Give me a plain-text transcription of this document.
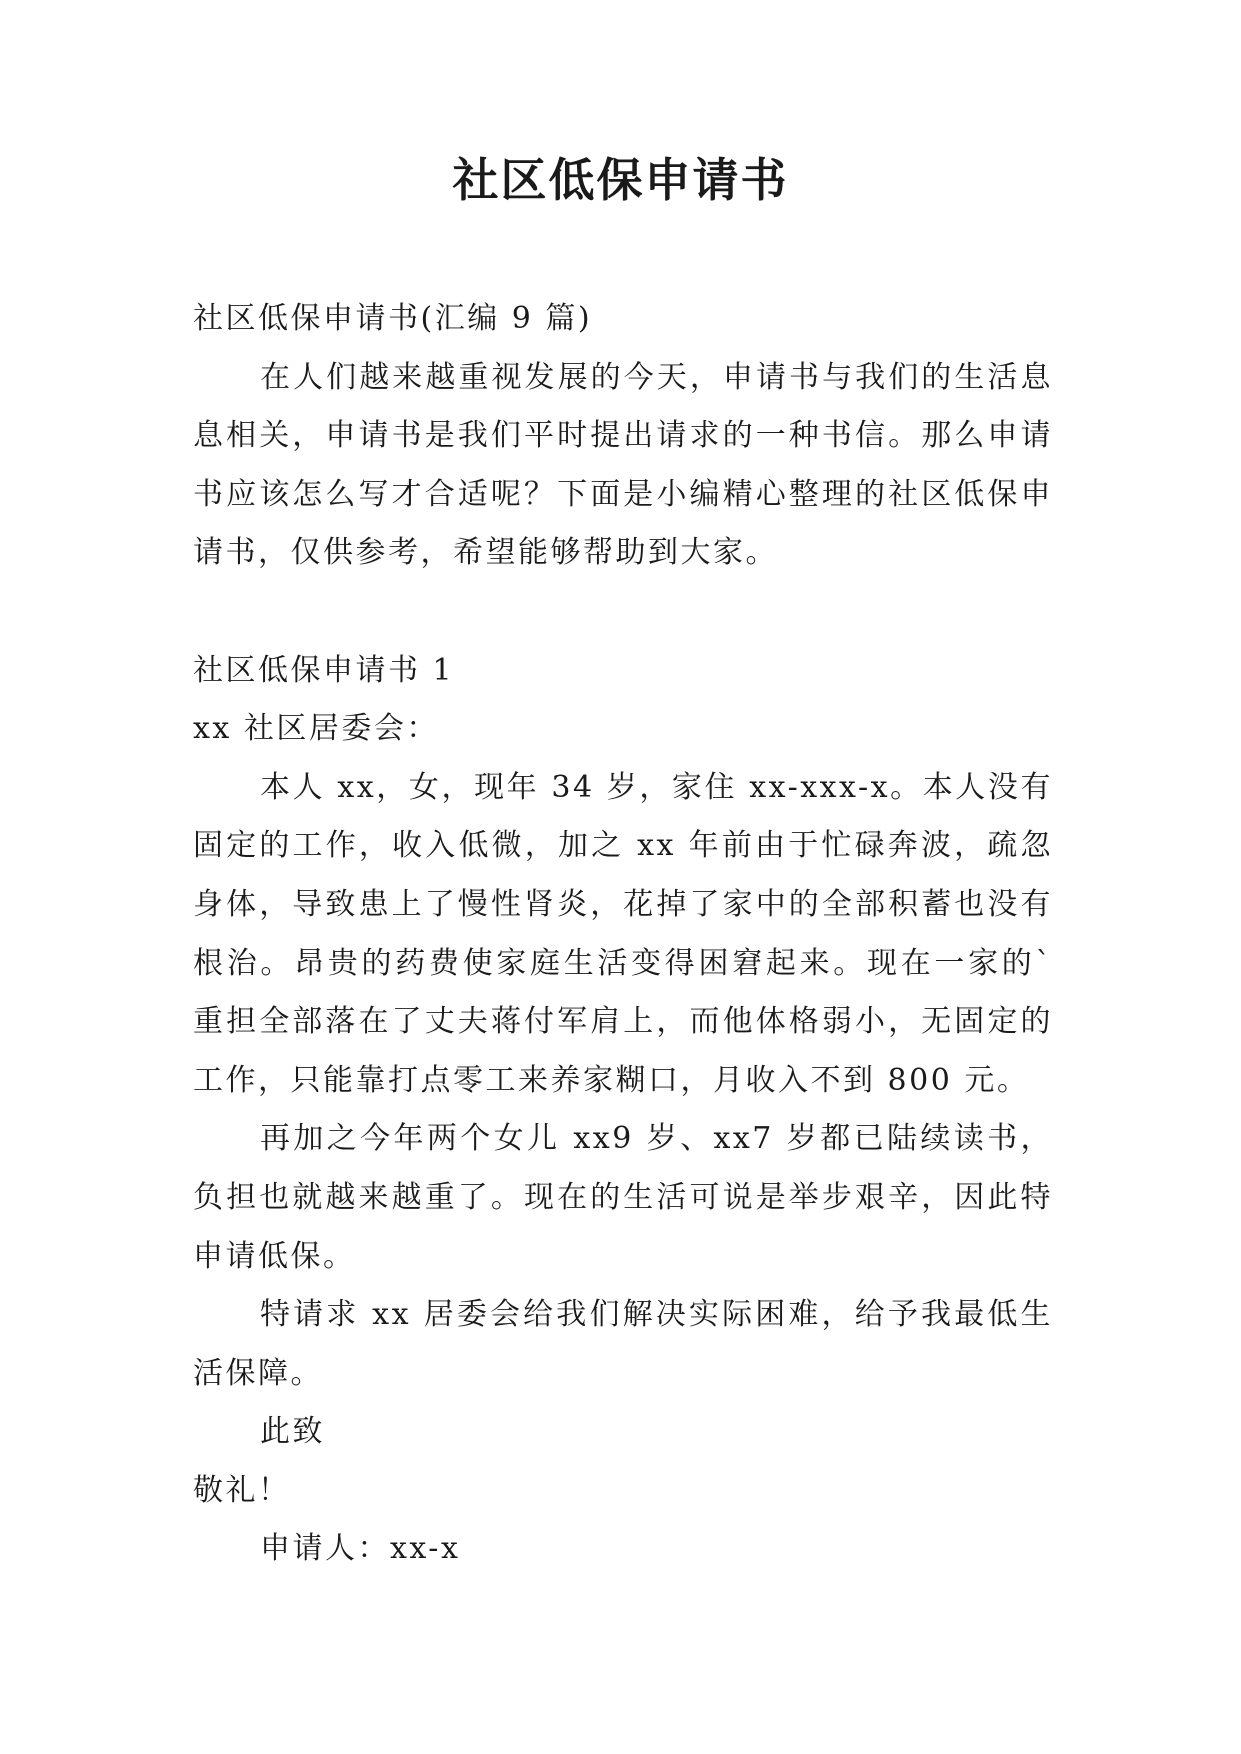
社区低保申请书

社区低保申请书(汇编 9 篇)

在人们越来越重视发展的今天，申请书与我们的生活息息相关，申请书是我们平时提出请求的一种书信。那么申请书应该怎么写才合适呢？下面是小编精心整理的社区低保申请书，仅供参考，希望能够帮助到大家。

社区低保申请书 1

xx 社区居委会：

本人 xx，女，现年 34 岁，家住 xx-xxx-x。本人没有固定的工作，收入低微，加之 xx 年前由于忙碌奔波，疏忽身体，导致患上了慢性肾炎，花掉了家中的全部积蓄也没有根治。昂贵的药费使家庭生活变得困窘起来。现在一家的`重担全部落在了丈夫蒋付军肩上，而他体格弱小，无固定的工作，只能靠打点零工来养家糊口，月收入不到 800 元。

再加之今年两个女儿 xx9 岁、xx7 岁都已陆续读书，负担也就越来越重了。现在的生活可说是举步艰辛，因此特申请低保。

特请求 xx 居委会给我们解决实际困难，给予我最低生活保障。

此致

敬礼！

申请人：xx-x
